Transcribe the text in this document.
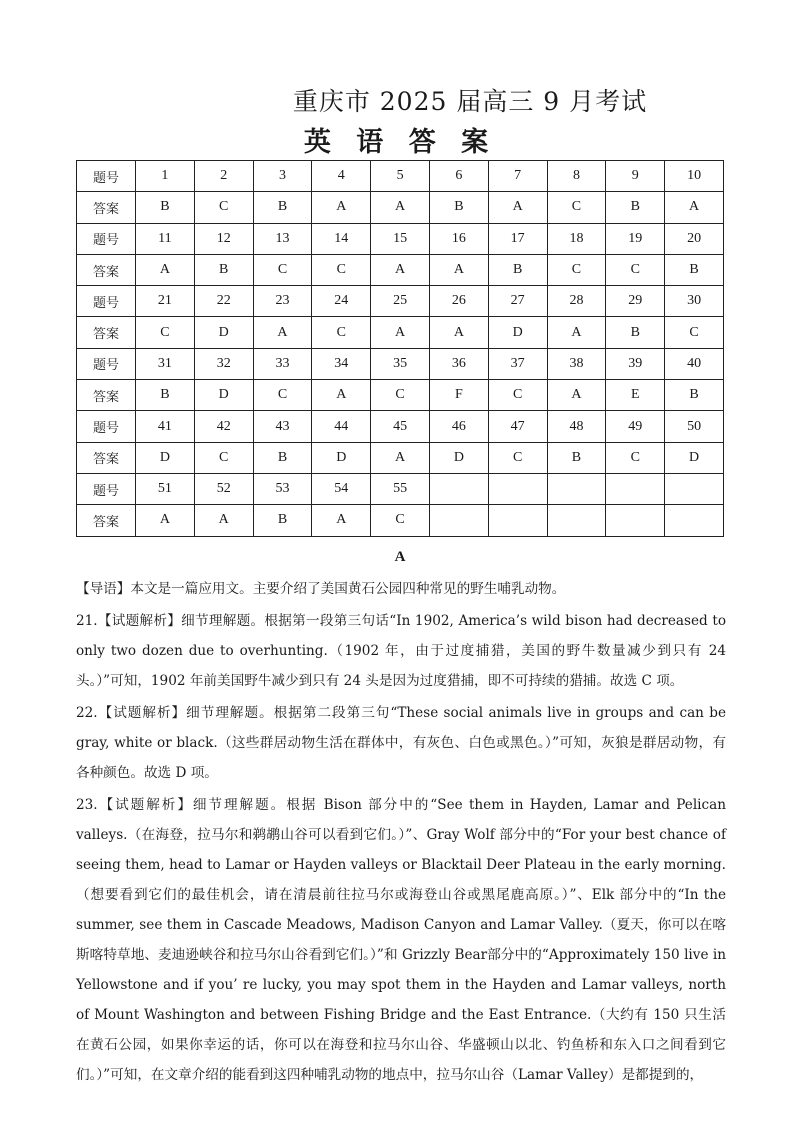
重庆市 2025 届高三 9 月考试
英 语 答 案
题号	1	2	3	4	5	6	7	8	9	10
答案	B	C	B	A	A	B	A	C	B	A
题号	11	12	13	14	15	16	17	18	19	20
答案	A	B	C	C	A	A	B	C	C	B
题号	21	22	23	24	25	26	27	28	29	30
答案	C	D	A	C	A	A	D	A	B	C
题号	31	32	33	34	35	36	37	38	39	40
答案	B	D	C	A	C	F	C	A	E	B
题号	41	42	43	44	45	46	47	48	49	50
答案	D	C	B	D	A	D	C	B	C	D
题号	51	52	53	54	55					
答案	A	A	B	A	C					
A

【导语】本文是一篇应用文。主要介绍了美国黄石公园四种常见的野生哺乳动物。

21.【试题解析】细节理解题。根据第一段第三句话“In 1902, America’s wild bison had decreased to only two dozen due to overhunting.（1902 年，由于过度捕猎，美国的野牛数量减少到只有 24 头。）”可知，1902 年前美国野牛减少到只有 24 头是因为过度猎捕，即不可持续的猎捕。故选 C 项。

22.【试题解析】细节理解题。根据第二段第三句“These social animals live in groups and can be gray, white or black.（这些群居动物生活在群体中，有灰色、白色或黑色。）”可知，灰狼是群居动物，有各种颜色。故选 D 项。

23.【试题解析】细节理解题。根据 Bison 部分中的“See them in Hayden, Lamar and Pelican valleys.（在海登，拉马尔和鹈鹕山谷可以看到它们。）”、Gray Wolf 部分中的“For your best chance of seeing them, head to Lamar or Hayden valleys or Blacktail Deer Plateau in the early morning.（想要看到它们的最佳机会，请在清晨前往拉马尔或海登山谷或黑尾鹿高原。）”、Elk 部分中的“In the summer, see them in Cascade Meadows, Madison Canyon and Lamar Valley.（夏天，你可以在喀斯喀特草地、麦迪逊峡谷和拉马尔山谷看到它们。）”和 Grizzly Bear部分中的“Approximately 150 live in Yellowstone and if you’ re lucky, you may spot them in the Hayden and Lamar valleys, north of Mount Washington and between Fishing Bridge and the East Entrance.（大约有 150 只生活在黄石公园，如果你幸运的话，你可以在海登和拉马尔山谷、华盛顿山以北、钓鱼桥和东入口之间看到它们。）”可知，在文章介绍的能看到这四种哺乳动物的地点中，拉马尔山谷（Lamar Valley）是都提到的，
